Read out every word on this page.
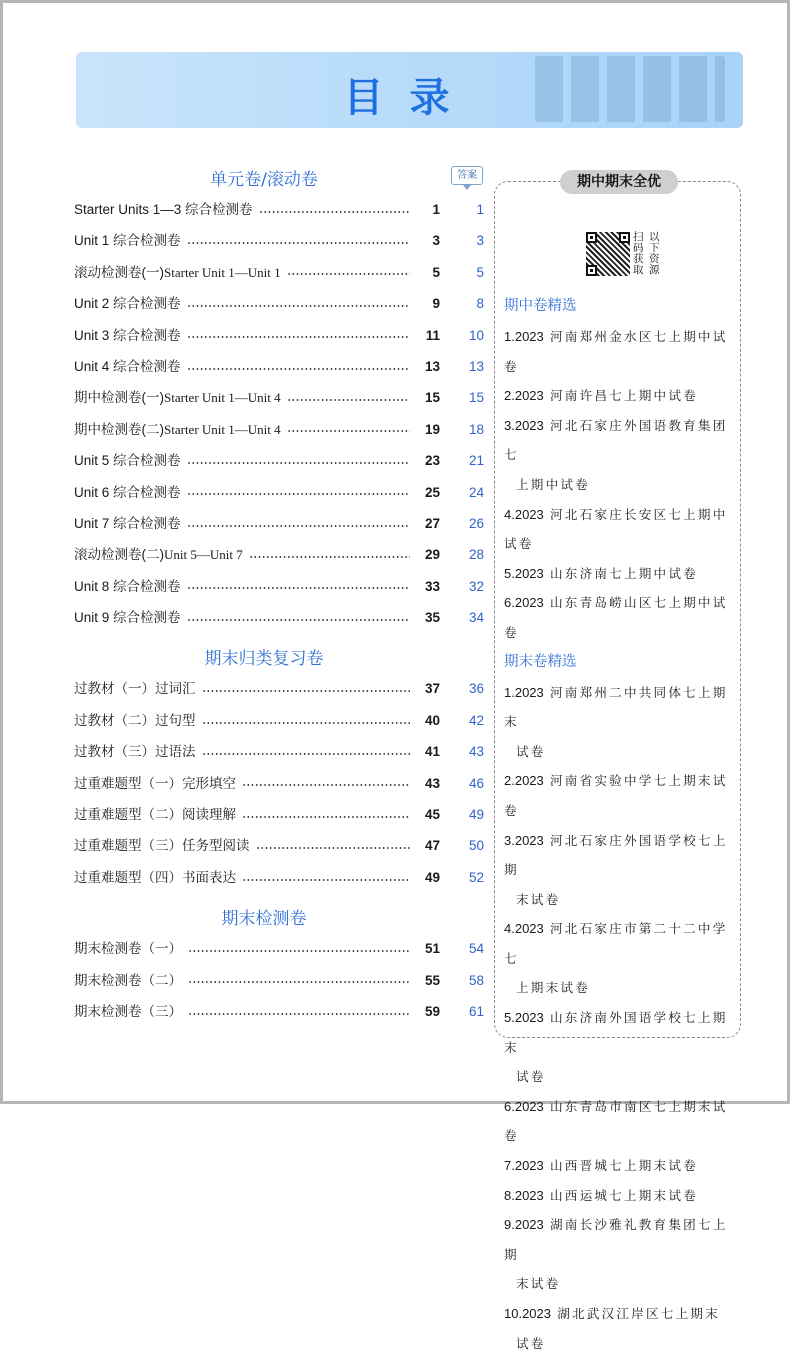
目录
答案
单元卷/滚动卷
Starter Units 1—3 综合检测卷	1	1
Unit 1 综合检测卷	3	3
滚动检测卷(一)Starter Unit 1—Unit 1	5	5
Unit 2 综合检测卷	9	8
Unit 3 综合检测卷	11	10
Unit 4 综合检测卷	13	13
期中检测卷(一)Starter Unit 1—Unit 4	15	15
期中检测卷(二)Starter Unit 1—Unit 4	19	18
Unit 5 综合检测卷	23	21
Unit 6 综合检测卷	25	24
Unit 7 综合检测卷	27	26
滚动检测卷(二)Unit 5—Unit 7	29	28
Unit 8 综合检测卷	33	32
Unit 9 综合检测卷	35	34
期末归类复习卷
过教材（一）过词汇	37	36
过教材（二）过句型	40	42
过教材（三）过语法	41	43
过重难题型（一）完形填空	43	46
过重难题型（二）阅读理解	45	49
过重难题型（三）任务型阅读	47	50
过重难题型（四）书面表达	49	52
期末检测卷
期末检测卷（一）	51	54
期末检测卷（二）	55	58
期末检测卷（三）	59	61
期中期末全优
扫 以
码 下
获 资
取 源
期中卷精选
1.2023 河南郑州金水区七上期中试卷
2.2023 河南许昌七上期中试卷
3.2023 河北石家庄外国语教育集团七
上期中试卷
4.2023 河北石家庄长安区七上期中试卷
5.2023 山东济南七上期中试卷
6.2023 山东青岛崂山区七上期中试卷
期末卷精选
1.2023 河南郑州二中共同体七上期末
试卷
2.2023 河南省实验中学七上期末试卷
3.2023 河北石家庄外国语学校七上期
末试卷
4.2023 河北石家庄市第二十二中学七
上期末试卷
5.2023 山东济南外国语学校七上期末
试卷
6.2023 山东青岛市南区七上期末试卷
7.2023 山西晋城七上期末试卷
8.2023 山西运城七上期末试卷
9.2023 湖南长沙雅礼教育集团七上期
末试卷
10.2023 湖北武汉江岸区七上期末
试卷
